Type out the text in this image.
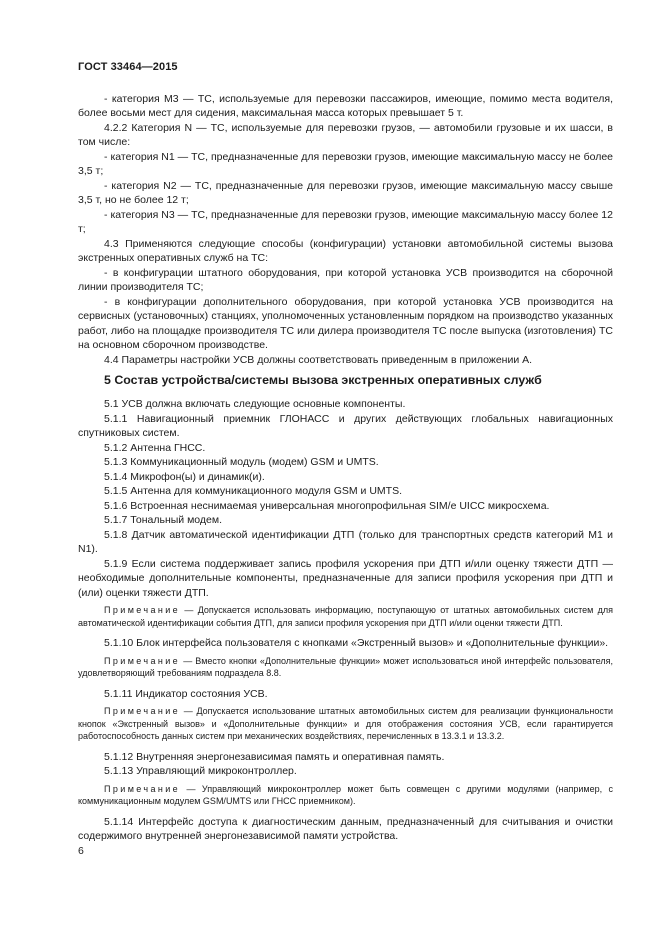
ГОСТ 33464—2015

- категория М3 — ТС, используемые для перевозки пассажиров, имеющие, помимо места водителя, более восьми мест для сидения, максимальная масса которых превышает 5 т.

4.2.2 Категория N — ТС, используемые для перевозки грузов, — автомобили грузовые и их шасси, в том числе:

- категория N1 — ТС, предназначенные для перевозки грузов, имеющие максимальную массу не более 3,5 т;

- категория N2 — ТС, предназначенные для перевозки грузов, имеющие максимальную массу свыше 3,5 т, но не более 12 т;

- категория N3 — ТС, предназначенные для перевозки грузов, имеющие максимальную массу более 12 т;

4.3 Применяются следующие способы (конфигурации) установки автомобильной системы вызова экстренных оперативных служб на ТС:

- в конфигурации штатного оборудования, при которой установка УСВ производится на сборочной линии производителя ТС;

- в конфигурации дополнительного оборудования, при которой установка УСВ производится на сервисных (установочных) станциях, уполномоченных установленным порядком на производство указанных работ, либо на площадке производителя ТС или дилера производителя ТС после выпуска (изготовления) ТС на основном сборочном производстве.

4.4 Параметры настройки УСВ должны соответствовать приведенным в приложении А.

5 Состав устройства/системы вызова экстренных оперативных служб

5.1 УСВ должна включать следующие основные компоненты.

5.1.1 Навигационный приемник ГЛОНАСС и других действующих глобальных навигационных спутниковых систем.

5.1.2 Антенна ГНСС.

5.1.3 Коммуникационный модуль (модем) GSM и UMTS.

5.1.4 Микрофон(ы) и динамик(и).

5.1.5 Антенна для коммуникационного модуля GSM и UMTS.

5.1.6 Встроенная неснимаемая универсальная многопрофильная SIM/e UICC микросхема.

5.1.7 Тональный модем.

5.1.8 Датчик автоматической идентификации ДТП (только для транспортных средств категорий М1 и N1).

5.1.9 Если система поддерживает запись профиля ускорения при ДТП и/или оценку тяжести ДТП — необходимые дополнительные компоненты, предназначенные для записи профиля ускорения при ДТП и (или) оценки тяжести ДТП.

Примечание — Допускается использовать информацию, поступающую от штатных автомобильных систем для автоматической идентификации события ДТП, для записи профиля ускорения при ДТП и/или оценки тяжести ДТП.

5.1.10 Блок интерфейса пользователя с кнопками «Экстренный вызов» и «Дополнительные функции».

Примечание — Вместо кнопки «Дополнительные функции» может использоваться иной интерфейс пользователя, удовлетворяющий требованиям подраздела 8.8.

5.1.11 Индикатор состояния УСВ.

Примечание — Допускается использование штатных автомобильных систем для реализации функциональности кнопок «Экстренный вызов» и «Дополнительные функции» и для отображения состояния УСВ, если гарантируется работоспособность данных систем при механических воздействиях, перечисленных в 13.3.1 и 13.3.2.

5.1.12 Внутренняя энергонезависимая память и оперативная память.

5.1.13 Управляющий микроконтроллер.

Примечание — Управляющий микроконтроллер может быть совмещен с другими модулями (например, с коммуникационным модулем GSM/UMTS или ГНСС приемником).

5.1.14 Интерфейс доступа к диагностическим данным, предназначенный для считывания и очистки содержимого внутренней энергонезависимой памяти устройства.

6
